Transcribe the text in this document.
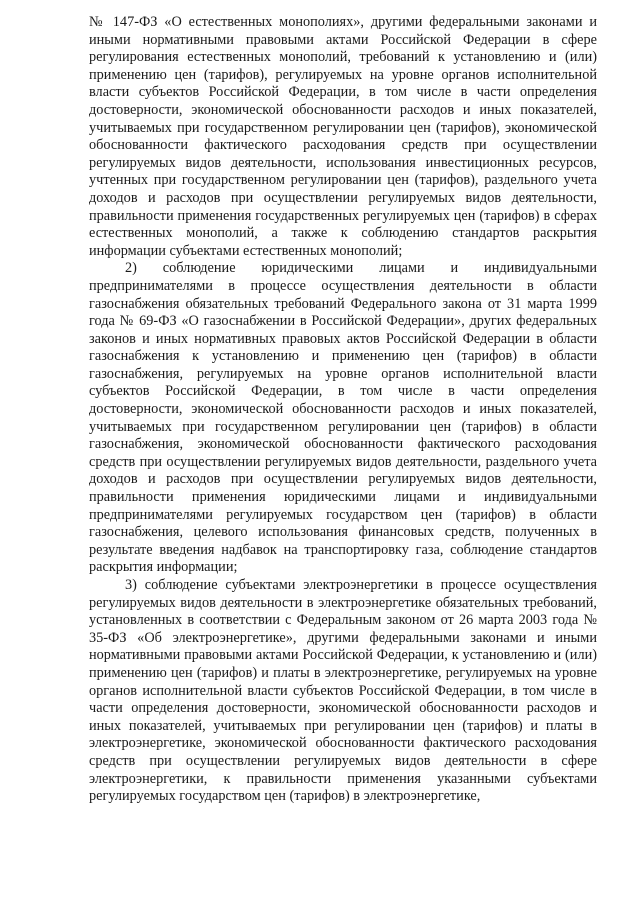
№ 147-ФЗ «О естественных монополиях», другими федеральными законами и иными нормативными правовыми актами Российской Федерации в сфере регулирования естественных монополий, требований к установлению и (или) применению цен (тарифов), регулируемых на уровне органов исполнительной власти субъектов Российской Федерации, в том числе в части определения достоверности, экономической обоснованности расходов и иных показателей, учитываемых при государственном регулировании цен (тарифов), экономической обоснованности фактического расходования средств при осуществлении регулируемых видов деятельности, использования инвестиционных ресурсов, учтенных при государственном регулировании цен (тарифов), раздельного учета доходов и расходов при осуществлении регулируемых видов деятельности, правильности применения государственных регулируемых цен (тарифов) в сферах естественных монополий, а также к соблюдению стандартов раскрытия информации субъектами естественных монополий;

2) соблюдение юридическими лицами и индивидуальными предпринимателями в процессе осуществления деятельности в области газоснабжения обязательных требований Федерального закона от 31 марта 1999 года № 69-ФЗ «О газоснабжении в Российской Федерации», других федеральных законов и иных нормативных правовых актов Российской Федерации в области газоснабжения к установлению и применению цен (тарифов) в области газоснабжения, регулируемых на уровне органов исполнительной власти субъектов Российской Федерации, в том числе в части определения достоверности, экономической обоснованности расходов и иных показателей, учитываемых при государственном регулировании цен (тарифов) в области газоснабжения, экономической обоснованности фактического расходования средств при осуществлении регулируемых видов деятельности, раздельного учета доходов и расходов при осуществлении регулируемых видов деятельности, правильности применения юридическими лицами и индивидуальными предпринимателями регулируемых государством цен (тарифов) в области газоснабжения, целевого использования финансовых средств, полученных в результате введения надбавок на транспортировку газа, соблюдение стандартов раскрытия информации;

3) соблюдение субъектами электроэнергетики в процессе осуществления регулируемых видов деятельности в электроэнергетике обязательных требований, установленных в соответствии с Федеральным законом от 26 марта 2003 года № 35-ФЗ «Об электроэнергетике», другими федеральными законами и иными нормативными правовыми актами Российской Федерации, к установлению и (или) применению цен (тарифов) и платы в электроэнергетике, регулируемых на уровне органов исполнительной власти субъектов Российской Федерации, в том числе в части определения достоверности, экономической обоснованности расходов и иных показателей, учитываемых при регулировании цен (тарифов) и платы в электроэнергетике, экономической обоснованности фактического расходования средств при осуществлении регулируемых видов деятельности в сфере электроэнергетики, к правильности применения указанными субъектами регулируемых государством цен (тарифов) в электроэнергетике,
